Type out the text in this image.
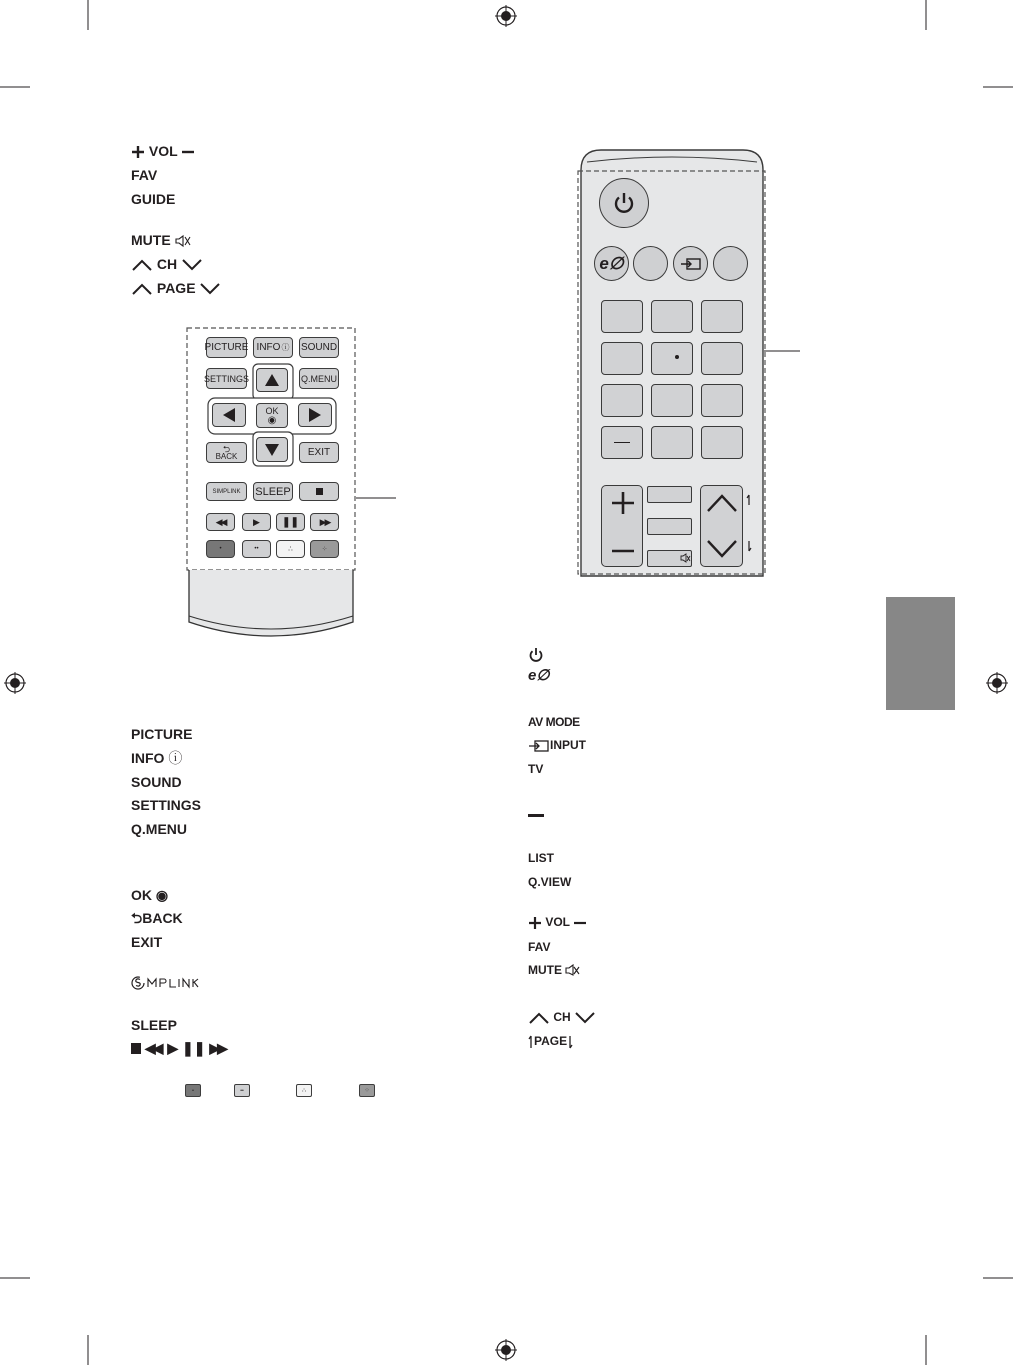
VOL
FAV
GUIDE
MUTE
CH
PAGE
PICTURE INFO ⓘ SOUND
SETTINGS	Q.MENU
OK
◉
⮌
BACK	EXIT
SIMPLINK	SLEEP
◀◀	▶ ❚❚ ▶▶
•	••	∴	⁘
PICTURE
INFO ⓘ
SOUND
SETTINGS
Q.MENU
OK ◉
⮌BACK
EXIT
SLEEP
◀◀ ▶ ❚❚ ▶▶
•	••	∴	⁘
e∅
e∅
AV MODE
INPUT
TV
LIST
Q.VIEW
VOL
FAV
MUTE
CH
PAGE
